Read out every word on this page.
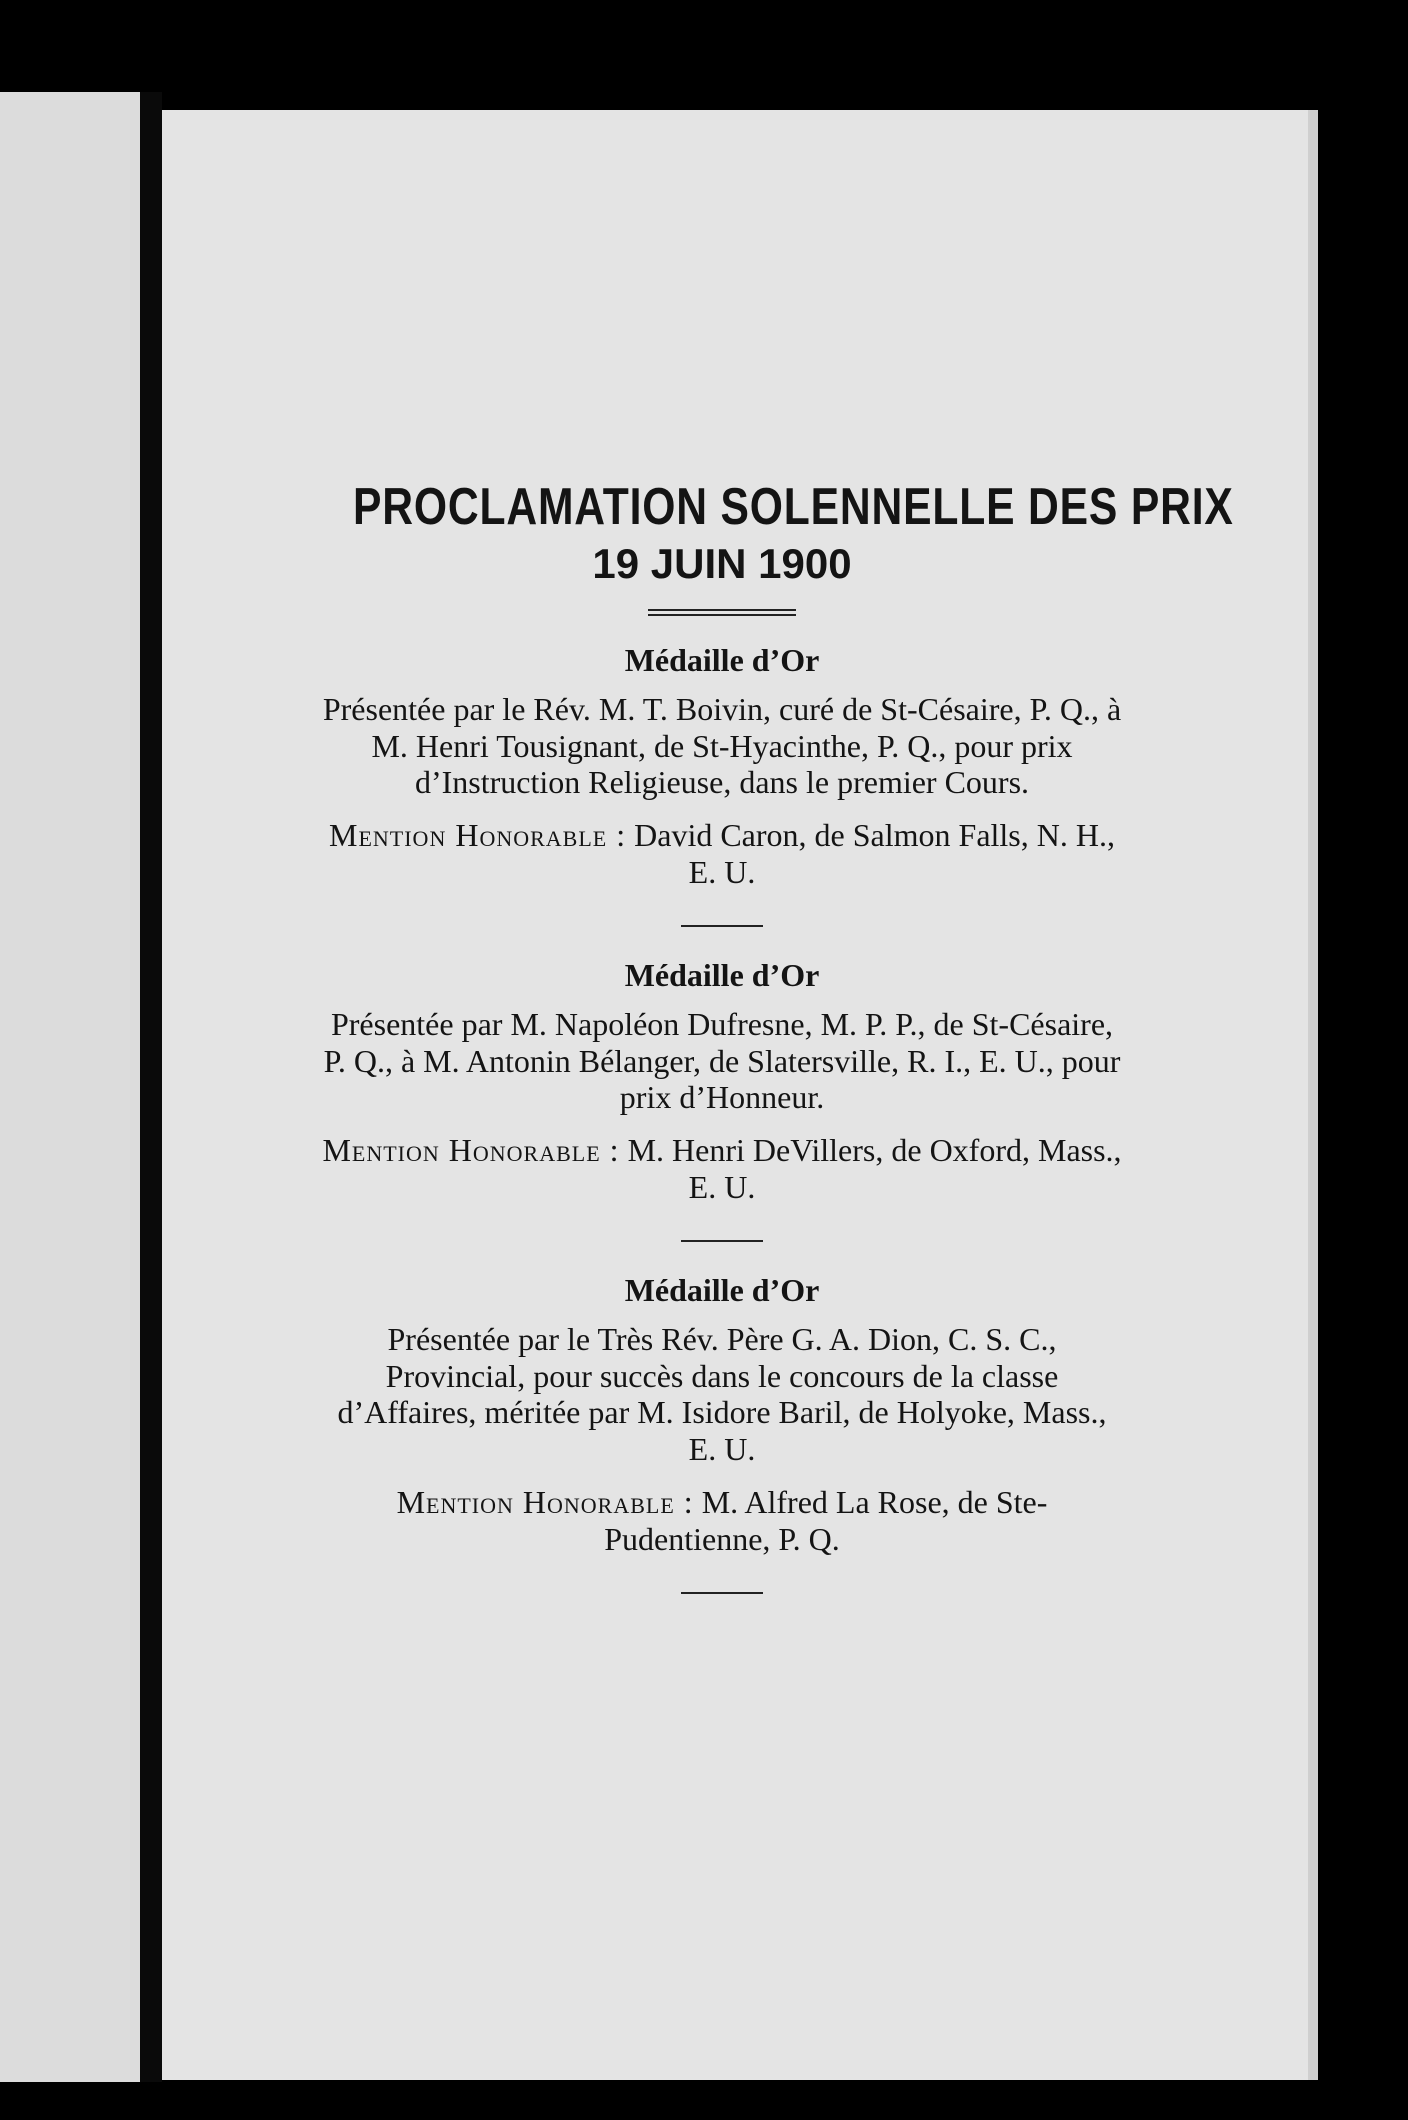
PROCLAMATION SOLENNELLE DES PRIX

19 JUIN 1900

Médaille d’Or

Présentée par le Rév. M. T. Boivin, curé de St-Césaire, P. Q., à M. Henri Tousignant, de St-Hyacinthe, P. Q., pour prix d’Instruction Religieuse, dans le premier Cours.

Mention Honorable : David Caron, de Salmon Falls, N. H., E. U.

Médaille d’Or

Présentée par M. Napoléon Dufresne, M. P. P., de St-Césaire, P. Q., à M. Antonin Bélanger, de Slatersville, R. I., E. U., pour prix d’Honneur.

Mention Honorable : M. Henri DeVillers, de Oxford, Mass., E. U.

Médaille d’Or

Présentée par le Très Rév. Père G. A. Dion, C. S. C., Provincial, pour succès dans le concours de la classe d’Affaires, méritée par M. Isidore Baril, de Holyoke, Mass., E. U.

Mention Honorable : M. Alfred La Rose, de Ste-Pudentienne, P. Q.
